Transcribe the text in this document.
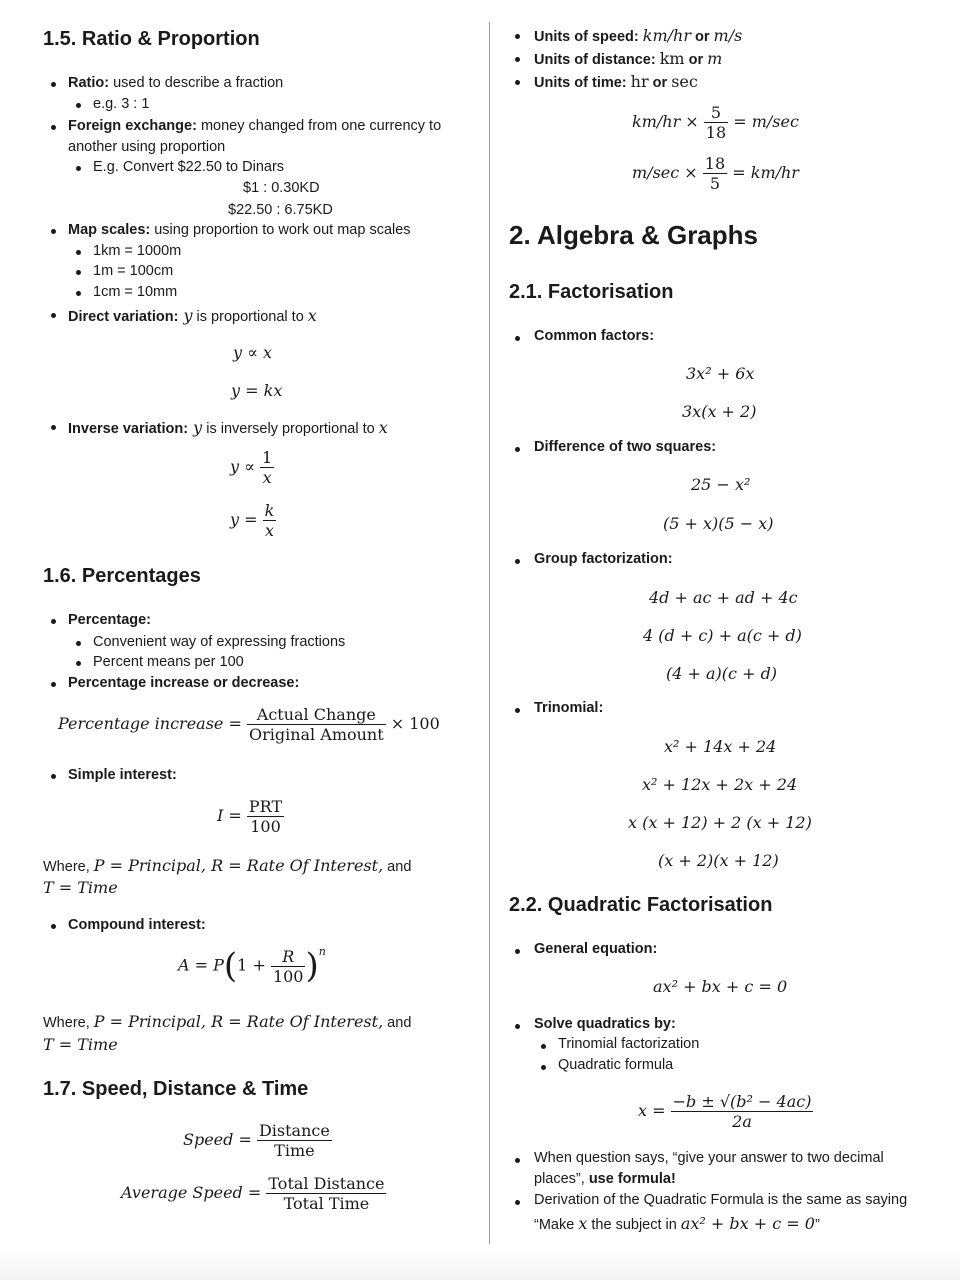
1.5. Ratio & Proportion
Ratio: used to describe a fraction
e.g. 3 : 1
Foreign exchange: money changed from one currency to
another using proportion
E.g. Convert $22.50 to Dinars
$1 : 0.30KD
$22.50 : 6.75KD
Map scales: using proportion to work out map scales
1km = 1000m
1m = 100cm
1cm = 10mm
Direct variation: y is proportional to x
y ∝ x
y = kx
Inverse variation: y is inversely proportional to x
$y \propto \frac{1}{x}$
$y = \frac{k}{x}$
1.6. Percentages
Percentage:
Convenient way of expressing fractions
Percent means per 100
Percentage increase or decrease:
Percentage increase = $\frac{\text{Actual Change}}{\text{Original Amount}} \times 100$
Simple interest:
$I = \frac{\text{PRT}}{100}$
Where, P = Principal, R = Rate Of Interest, and
T = Time
Compound interest:
$A = P(1 + \frac{R}{100} )^n$
Where, P = Principal, R = Rate Of Interest, and
T = Time
1.7. Speed, Distance & Time
Speed = $\frac{\text{Distance}}{\text{Time}}$
Average Speed = $\frac{\text{Total Distance}}{\text{Total Time}}$
Units of speed: km/hr or m/s
Units of distance: km or m
Units of time: hr or sec
$km/hr \times \frac{5}{18} = m/\sec$
$m/\sec \times \frac{18}{5} = km/hr$
2. Algebra & Graphs
2.1. Factorisation
Common factors:
3x² + 6x
3x(x + 2)
Difference of two squares:
25 − x²
(5 + x)(5 − x)
Group factorization:
4d + ac + ad + 4c
4 (d + c) + a(c + d)
(4 + a)(c + d)
Trinomial:
x² + 14x + 24
x² + 12x + 2x + 24
x (x + 12) + 2 (x + 12)
(x + 2)(x + 12)
2.2. Quadratic Factorisation
General equation:
ax² + bx + c = 0
Solve quadratics by:
Trinomial factorization
Quadratic formula
$x = \frac{\text{−b ± √(b² − 4ac)}}{2a}$
When question says, “give your answer to two decimal
places”, use formula!
Derivation of the Quadratic Formula is the same as saying
“Make x the subject in ax² + bx + c = 0”
